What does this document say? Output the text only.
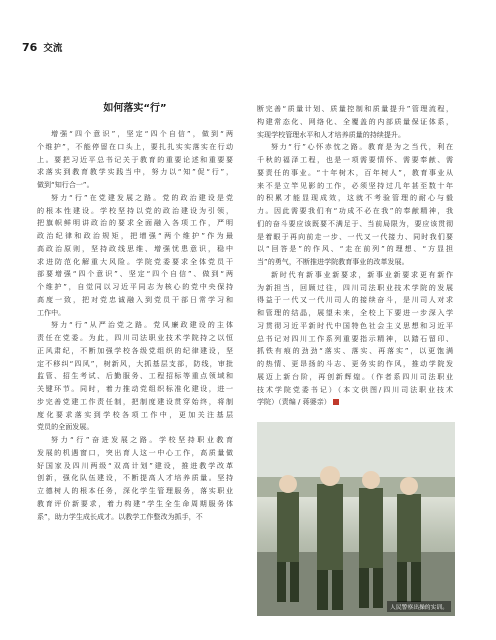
76 交流
如何落实“行”
增强“四个意识”，坚定“四个自信”，做到“两
个维护”，不能停留在口头上，要扎扎实实落实在行动
上。要把习近平总书记关于教育的重要论述和重要要
求落实到教育教学实践当中，努力以“知”促“行”，
做到“知行合一”。
努力“行”在党建发展之路。党的政治建设是党
的根本性建设。学校坚持以党的政治建设为引领，
把旗帜鲜明讲政治的要求全面融入各项工作，严明
政治纪律和政治规矩，把增强“两个维护”作为最
高政治原则，坚持政线思维、增强忧患意识，稳中
求进防范化解重大风险。学院党委要求全体党员干
部要增强“四个意识”、坚定“四个自信”、做到“两
个维护”，自觉同以习近平同志为核心的党中央保持
高度一致，把对党忠诚融入到党员干部日常学习和
工作中。
努力“行”从严治党之路。党风廉政建设的主体
责任在党委。为此，四川司法职业技术学院持之以恒
正风肃纪，不断加强学校各级党组织的纪律建设，坚
定不移纠“四风”，树新风，大抓基层支部，防线，审批
监管、招生考试、后勤服务、工程招标等重点领域和
关键环节。同时，着力推动党组织标准化建设，进一
步完善党建工作责任制，把制度建设贯穿始终，将制
度化要求落实到学校各项工作中，更加关注基层
党员的全面发展。
努力“行”奋进发展之路。学校坚持职业教育
发展的机遇窗口，突出育人这一中心工作，高质量做
好国家及四川两级“双高计划”建设，推进教学改革
创新，强化队伍建设，不断提高人才培养质量。坚持
立德树人的根本任务，深化学生管理服务，落实职业
教育评价新要求，着力构建“学生全生命周期服务体
系”，助力学生成长成才。以教学工作整改为抓手，不
断完善“质量计划、质量控制和质量提升”管理流程，
构建常态化、网络化、全覆盖的内部质量保证体系，
实现学校管理水平和人才培养质量的持续提升。
努力“行”心怀赤忱之路。教育是为之当代，利在
千秋的福泽工程，也是一项需要情怀、需要奉献、需
要责任的事业。“十年树木，百年树人”，教育事业从
来不是立竿见影的工作，必须坚持过几年甚至数十年
的积累才能显现成效，这就不考验管理的耐心与毅
力。因此需要我们有“功成不必在我”的奉献精神，我
们的奋斗要应该既要不满足于、当前局限为，要应该贯彻
是着眼于再向前走一步、一代又一代接力、同时我们要
以“回答是”的作风、“走在前列”的理想、“方显担
当”的勇气，不断推进学院教育事业的改革发展。
新时代有新事业新要求，新事业新要求更有新作
为新担当，回顾过往，四川司法职业技术学院的发展
得益于一代又一代川司人的接续奋斗，是川司人对求
和管理的结晶，展望未来，全校上下要进一步深入学
习贯彻习近平新时代中国特色社会主义思想和习近平
总书记对四川工作系列重要指示精神，以踏石留印、
抓铁有痕的劲劲“落实、落实、再落实”，以更饱满
的热情、更昂扬的斗志、更务实的作风，推动学院发
展迈上新台阶，再创新辉煌。（作者系四川司法职业
技术学院党委书记）（本文供图/四川司法职业技术
学院）（责编 / 蒋婆亲）
人民警察出操的实训。
